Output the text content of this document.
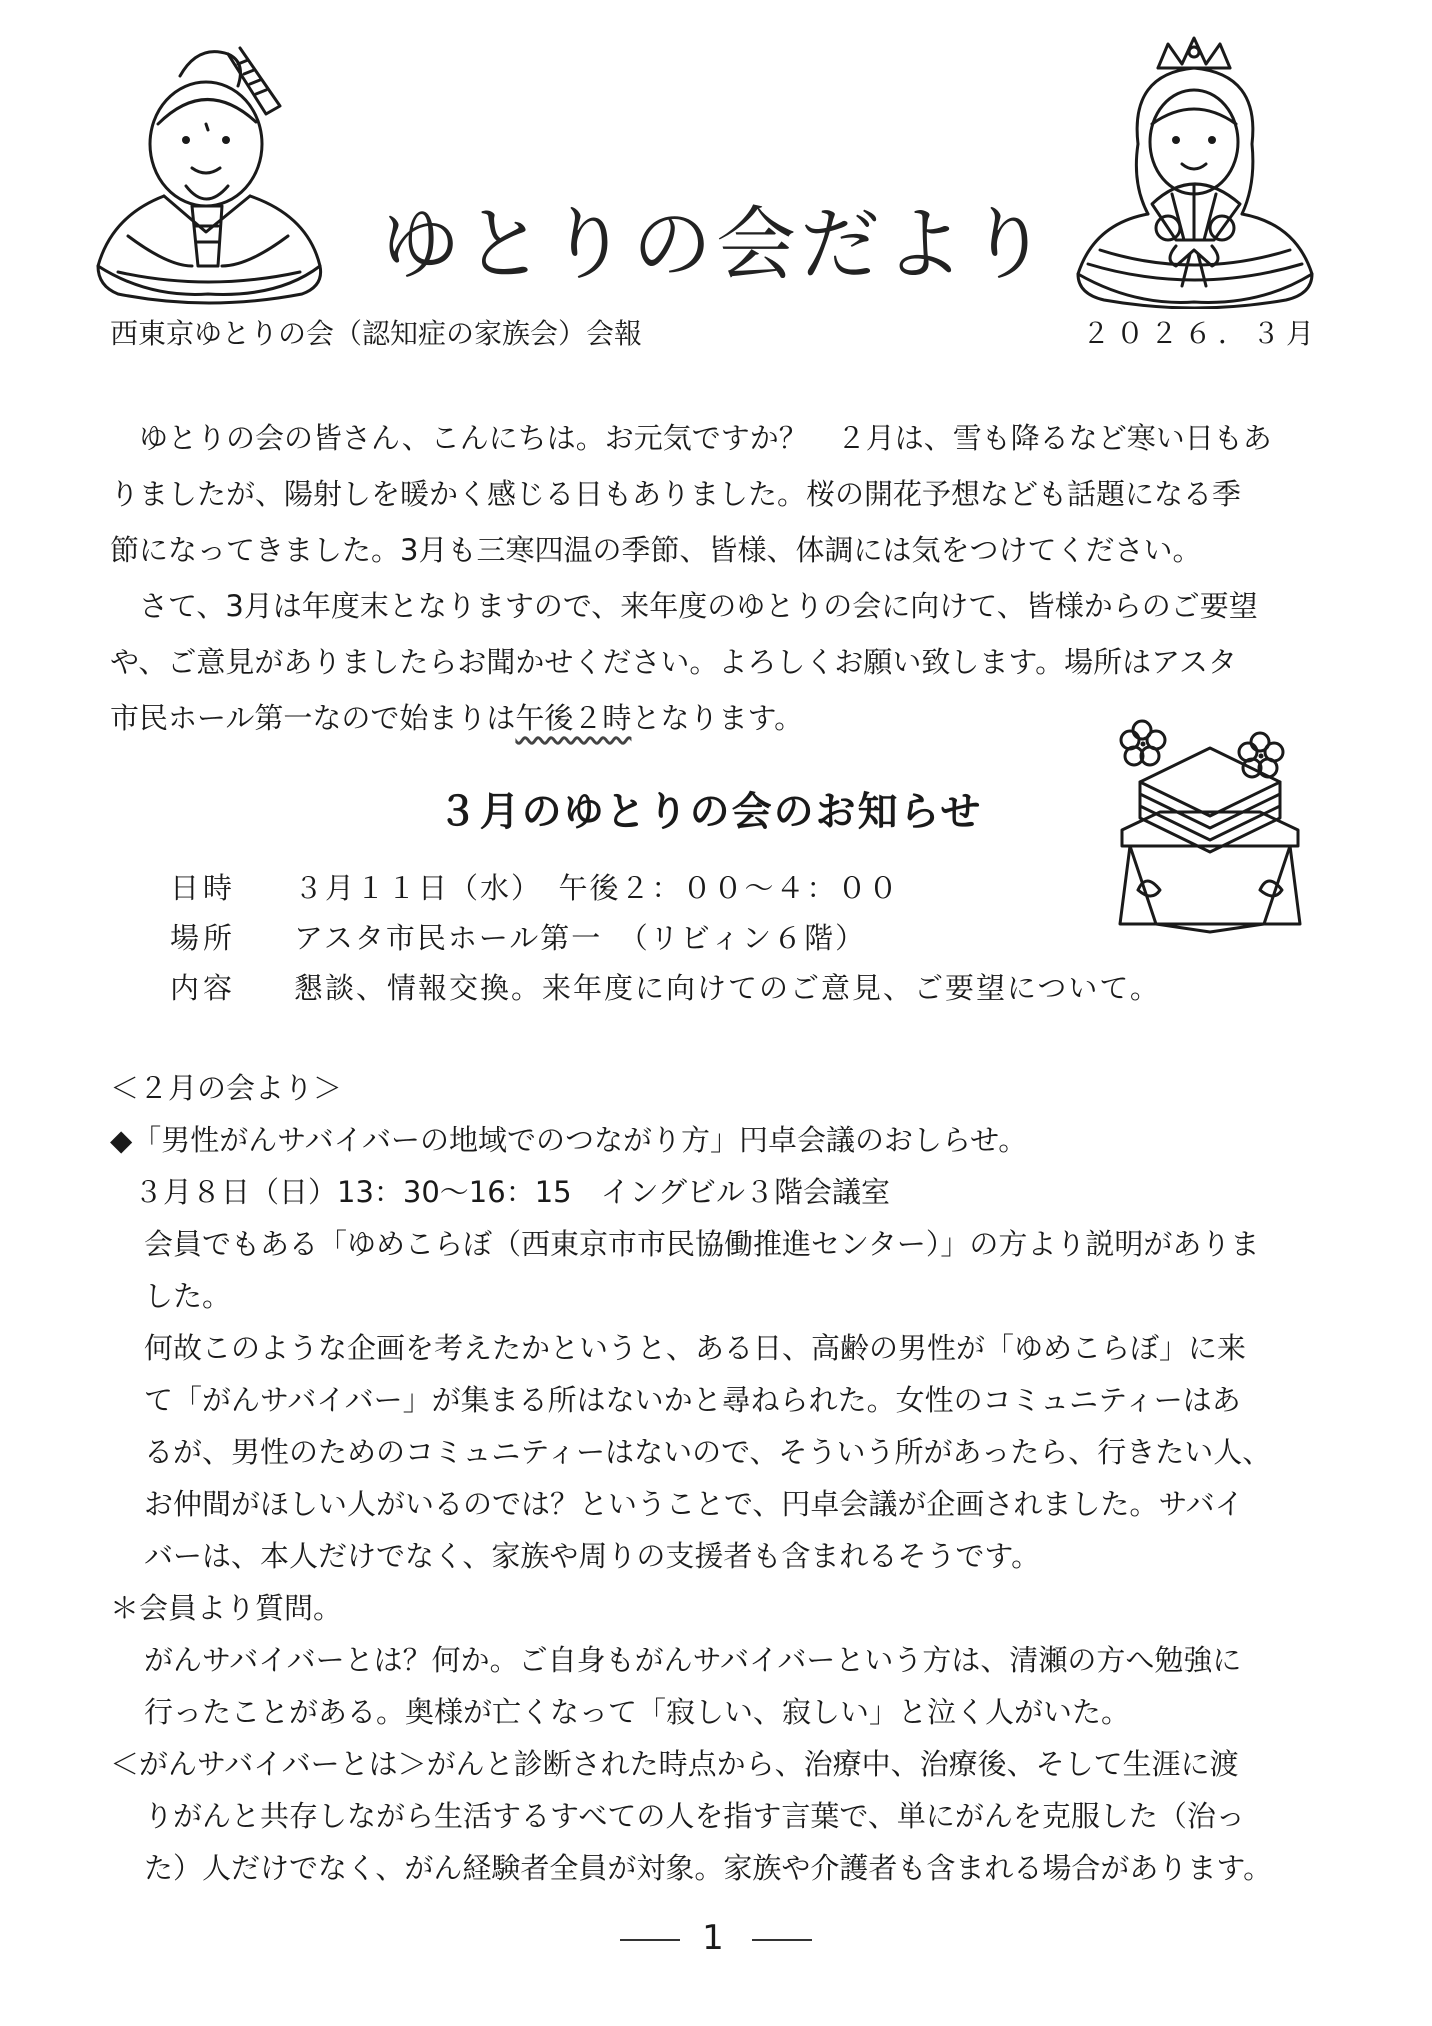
ゆとりの会だより
西東京ゆとりの会（認知症の家族会）会報	２０２６．３月
　ゆとりの会の皆さん、こんにちは。お元気ですか？　２月は、雪も降るなど寒い日もあ
りましたが、陽射しを暖かく感じる日もありました。桜の開花予想なども話題になる季
節になってきました。3月も三寒四温の季節、皆様、体調には気をつけてください。
　さて、3月は年度末となりますので、来年度のゆとりの会に向けて、皆様からのご要望
や、ご意見がありましたらお聞かせください。よろしくお願い致します。場所はアスタ
市民ホール第一なので始まりは午後２時となります。
３月のゆとりの会のお知らせ
日時 ３月１１日（水）　午後２：００～４：００
場所 アスタ市民ホール第一　（リビィン６階）
内容 懇談、情報交換。来年度に向けてのご意見、ご要望について。
＜２月の会より＞
◆「男性がんサバイバーの地域でのつながり方」円卓会議のおしらせ。
３月８日（日）13：30～16：15　イングビル３階会議室
会員でもある「ゆめこらぼ（西東京市市民協働推進センター）」の方より説明がありま
した。
何故このような企画を考えたかというと、ある日、高齢の男性が「ゆめこらぼ」に来
て「がんサバイバー」が集まる所はないかと尋ねられた。女性のコミュニティーはあ
るが、男性のためのコミュニティーはないので、そういう所があったら、行きたい人、
お仲間がほしい人がいるのでは？ということで、円卓会議が企画されました。サバイ
バーは、本人だけでなく、家族や周りの支援者も含まれるそうです。
＊会員より質問。
がんサバイバーとは？何か。ご自身もがんサバイバーという方は、清瀬の方へ勉強に
行ったことがある。奥様が亡くなって「寂しい、寂しい」と泣く人がいた。
＜がんサバイバーとは＞がんと診断された時点から、治療中、治療後、そして生涯に渡
りがんと共存しながら生活するすべての人を指す言葉で、単にがんを克服した（治っ
た）人だけでなく、がん経験者全員が対象。家族や介護者も含まれる場合があります。
1
